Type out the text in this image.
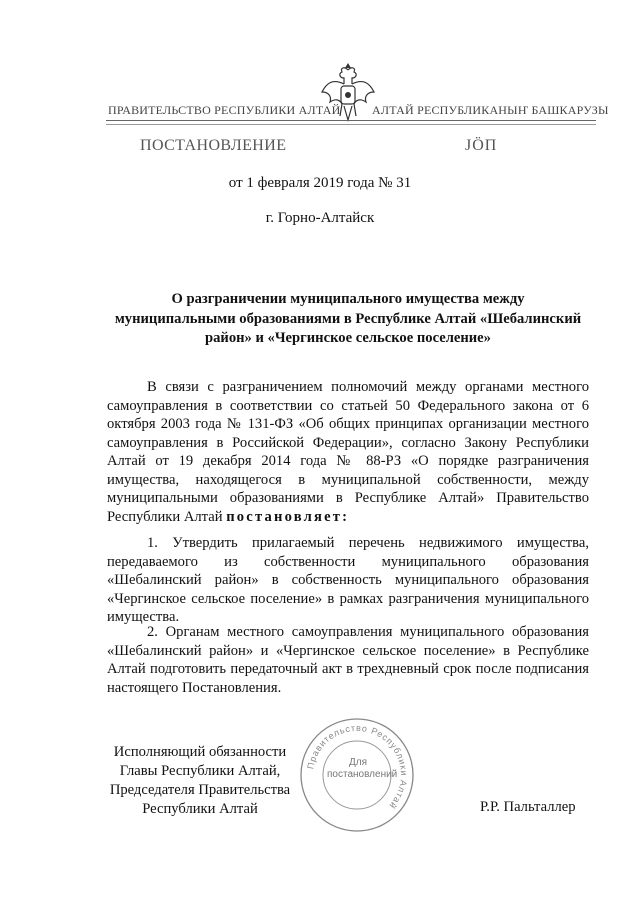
ПРАВИТЕЛЬСТВО РЕСПУБЛИКИ АЛТАЙ	АЛТАЙ РЕСПУБЛИКАНЫҤ БАШКАРУЗЫ
ПОСТАНОВЛЕНИЕ	ЈӦП
от 1 февраля 2019 года № 31
г. Горно-Алтайск
О разграничении муниципального имущества между муниципальными образованиями в Республике Алтай «Шебалинский район» и «Чергинское сельское поселение»
В связи с разграничением полномочий между органами местного самоуправления в соответствии со статьей 50 Федерального закона от 6 октября 2003 года № 131-ФЗ «Об общих принципах организации местного самоуправления в Российской Федерации», согласно Закону Республики Алтай от 19 декабря 2014 года № 88-РЗ «О порядке разграничения имущества, находящегося в муниципальной собственности, между муниципальными образованиями в Республике Алтай» Правительство Республики Алтай постановляет:
1. Утвердить прилагаемый перечень недвижимого имущества, передаваемого из собственности муниципального образования «Шебалинский район» в собственность муниципального образования «Чергинское сельское поселение» в рамках разграничения муниципального имущества.
2. Органам местного самоуправления муниципального образования «Шебалинский район» и «Чергинское сельское поселение» в Республике Алтай подготовить передаточный акт в трехдневный срок после подписания настоящего Постановления.
Исполняющий обязанности
Главы Республики Алтай,
Председателя Правительства
Республики Алтай
Правительство Республики Алтай
Для
постановлений
Р.Р. Пальталлер
